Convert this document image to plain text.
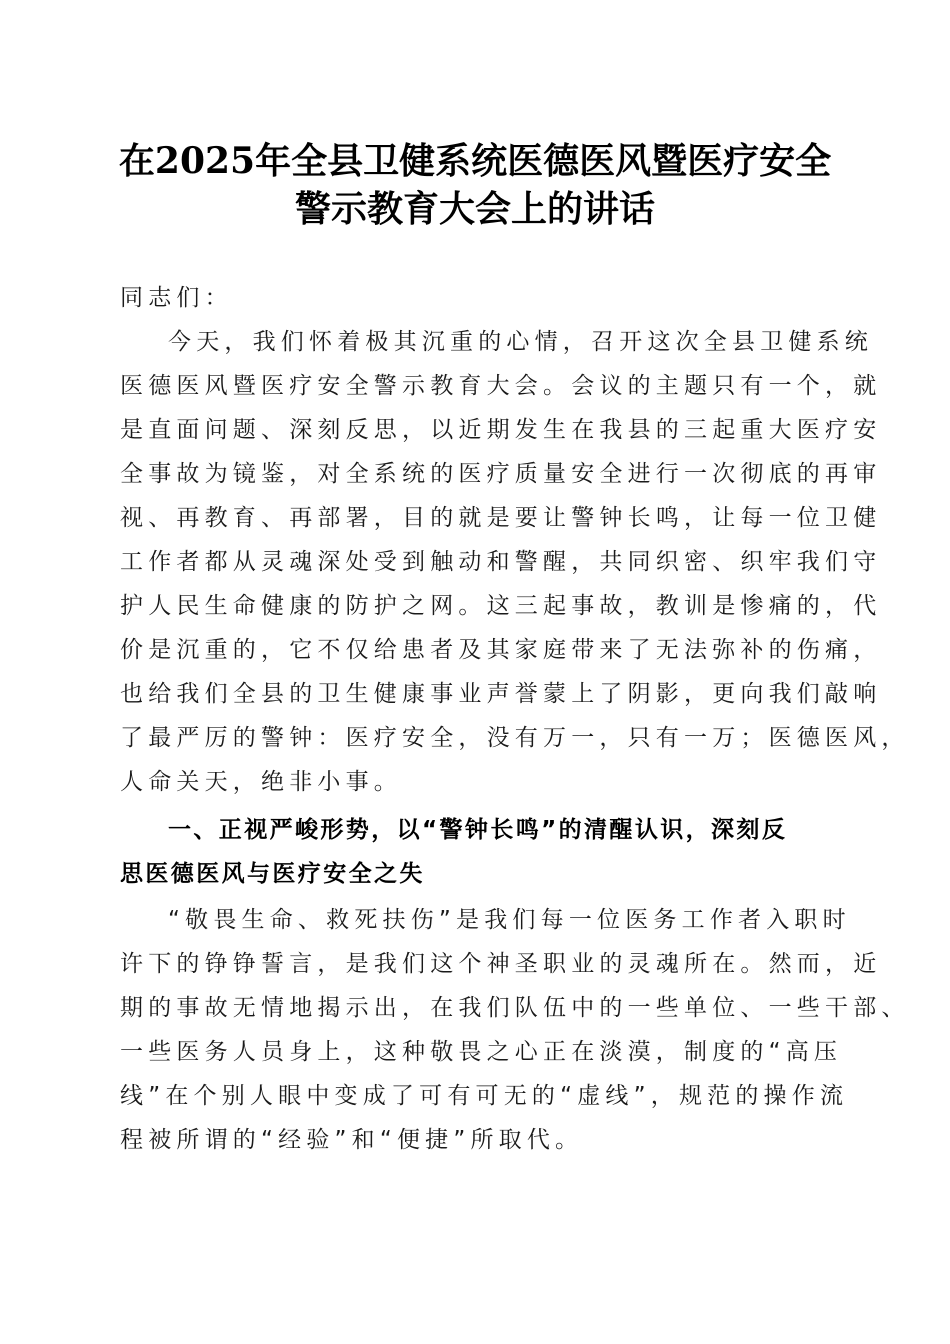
在2025年全县卫健系统医德医风暨医疗安全
警示教育大会上的讲话
同志们：
今天，我们怀着极其沉重的心情，召开这次全县卫健系统
医德医风暨医疗安全警示教育大会。会议的主题只有一个，就
是直面问题、深刻反思，以近期发生在我县的三起重大医疗安
全事故为镜鉴，对全系统的医疗质量安全进行一次彻底的再审
视、再教育、再部署，目的就是要让警钟长鸣，让每一位卫健
工作者都从灵魂深处受到触动和警醒，共同织密、织牢我们守
护人民生命健康的防护之网。这三起事故，教训是惨痛的，代
价是沉重的，它不仅给患者及其家庭带来了无法弥补的伤痛，
也给我们全县的卫生健康事业声誉蒙上了阴影，更向我们敲响
了最严厉的警钟：医疗安全，没有万一，只有一万；医德医风，
人命关天，绝非小事。
一、正视严峻形势，以“警钟长鸣”的清醒认识，深刻反
思医德医风与医疗安全之失
“敬畏生命、救死扶伤”是我们每一位医务工作者入职时
许下的铮铮誓言，是我们这个神圣职业的灵魂所在。然而，近
期的事故无情地揭示出，在我们队伍中的一些单位、一些干部、
一些医务人员身上，这种敬畏之心正在淡漠，制度的“高压
线”在个别人眼中变成了可有可无的“虚线”，规范的操作流
程被所谓的“经验”和“便捷”所取代。
